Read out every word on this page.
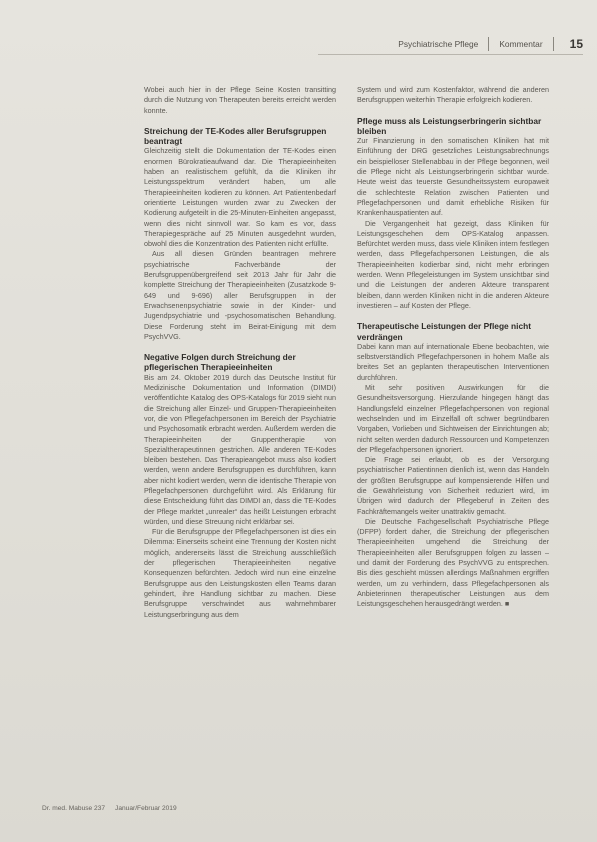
Psychiatrische Pflege	Kommentar 15

Wobei auch hier in der Pflege Seine Kosten transitting durch die Nutzung von Therapeuten bereits erreicht werden konnte.

Streichung der TE-Kodes aller Berufsgruppen beantragt

Gleichzeitig stellt die Dokumentation der TE-Kodes einen enormen Bürokratieaufwand dar. Die Therapieeinheiten haben an realistischem gefühlt, da die Kliniken ihr Leistungsspektrum verändert haben, um alle Therapieeinheiten kodieren zu können. Art Patientenbedarf orientierte Leistungen wurden zwar zu Zwecken der Kodierung aufgeteilt in die 25-Minuten-Einheiten angepasst, wenn dies nicht sinnvoll war. So kam es vor, dass Therapiegespräche auf 25 Minuten ausgedehnt wurden, obwohl dies die Konzentration des Patienten nicht erfüllte.

Aus all diesen Gründen beantragen mehrere psychiatrische Fachverbände der Berufsgruppenübergreifend seit 2013 Jahr für Jahr die komplette Streichung der Therapieeinheiten (Zusatzkode 9-649 und 9-696) aller Berufsgruppen in der Erwachsenenpsychiatrie sowie in der Kinder- und Jugendpsychiatrie und -psychosomatischen Behandlung. Diese Forderung steht im Beirat-Einigung mit dem PsychVVG.

Negative Folgen durch Streichung der pflegerischen Therapieeinheiten

Bis am 24. Oktober 2019 durch das Deutsche Institut für Medizinische Dokumentation und Information (DIMDI) veröffentlichte Katalog des OPS-Katalogs für 2019 sieht nun die Streichung aller Einzel- und Gruppen-Therapieeinheiten vor, die von Pflegefachpersonen im Bereich der Psychiatrie und Psychosomatik erbracht werden. Außerdem werden die Therapieeinheiten der Gruppentherapie von Spezialtherapeutinnen gestrichen. Alle anderen TE-Kodes bleiben bestehen. Das Therapieangebot muss also kodiert werden, wenn andere Berufsgruppen es durchführen, kann aber nicht kodiert werden, wenn die identische Therapie von Pflegefachpersonen durchgeführt wird. Als Erklärung für diese Entscheidung führt das DIMDI an, dass die TE-Kodes der Pflege marktet „unrealer“ das heißt Leistungen erbracht würden, und diese Streuung nicht erklärbar sei.

Für die Berufsgruppe der Pflegefachpersonen ist dies ein Dilemma: Einerseits scheint eine Trennung der Kosten nicht möglich, andererseits lässt die Streichung ausschließlich der pflegerischen Therapieeinheiten negative Konsequenzen befürchten. Jedoch wird nun eine einzelne Berufsgruppe aus den Leistungskosten ellen Teams daran gehindert, ihre Handlung sichtbar zu machen. Diese Berufsgruppe verschwindet aus wahrnehmbarer Leistungserbringung aus dem

System und wird zum Kostenfaktor, während die anderen Berufsgruppen weiterhin Therapie erfolgreich kodieren.

Pflege muss als Leistungserbringerin sichtbar bleiben

Zur Finanzierung in den somatischen Kliniken hat mit Einführung der DRG gesetzliches Leistungsabrechnungs ein beispielloser Stellenabbau in der Pflege begonnen, weil die Pflege nicht als Leistungserbringerin sichtbar wurde. Heute weist das teuerste Gesundheitssystem europaweit die schlechteste Relation zwischen Patienten und Pflegefachpersonen und damit erhebliche Risiken für Krankenhauspatienten auf.

Die Vergangenheit hat gezeigt, dass Kliniken für Leistungsgeschehen dem OPS-Katalog anpassen. Befürchtet werden muss, dass viele Kliniken intern festlegen werden, dass Pflegefachpersonen Leistungen, die als Therapieeinheiten kodierbar sind, nicht mehr erbringen werden. Wenn Pflegeleistungen im System unsichtbar sind und die Leistungen der anderen Akteure transparent bleiben, dann werden Kliniken nicht in die anderen Akteure investieren – auf Kosten der Pflege.

Therapeutische Leistungen der Pflege nicht verdrängen

Dabei kann man auf internationale Ebene beobachten, wie selbstverständlich Pflegefachpersonen in hohem Maße als breites Set an geplanten therapeutischen Interventionen durchführen.

Mit sehr positiven Auswirkungen für die Gesundheitsversorgung. Hierzulande hingegen hängt das Handlungsfeld einzelner Pflegefachpersonen von regional wechselnden und im Einzelfall oft schwer begründbaren Vorgaben, Vorlieben und Sichtweisen der Einrichtungen ab; nicht selten werden dadurch Ressourcen und Kompetenzen der Pflegefachpersonen ignoriert.

Die Frage sei erlaubt, ob es der Versorgung psychiatrischer Patientinnen dienlich ist, wenn das Handeln der größten Berufsgruppe auf kompensierende Hilfen und die Gewährleistung von Sicherheit reduziert wird, im Übrigen wird dadurch der Pflegeberuf in Zeiten des Fachkräftemangels weiter unattraktiv gemacht.

Die Deutsche Fachgesellschaft Psychiatrische Pflege (DFPP) fordert daher, die Streichung der pflegerischen Therapieeinheiten umgehend die Streichung der Therapieeinheiten aller Berufsgruppen folgen zu lassen – und damit der Forderung des PsychVVG zu entsprechen. Bis dies geschieht müssen allerdings Maßnahmen ergriffen werden, um zu verhindern, dass Pflegefachpersonen als Anbieterinnen therapeutischer Leistungen aus dem Leistungsgeschehen herausgedrängt werden. ■

Dr. med. Mabuse 237 Januar/Februar 2019
